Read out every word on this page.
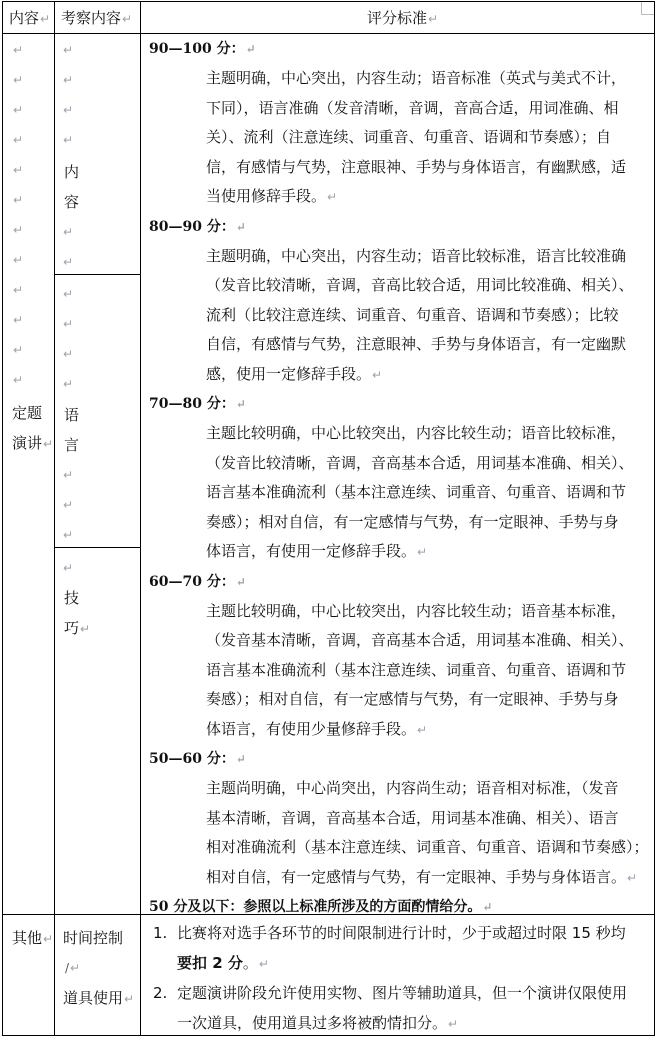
内容↵ 考察内容↵	评分标准↵
↵
↵
↵
↵
↵
↵
↵
↵
↵
↵
↵
↵
定题
演讲↵
↵
↵
↵
↵
内
容
↵
↵
↵
↵
↵
↵
语
言
↵
↵
↵
↵
技
巧↵
90—100 分：↵
主题明确，中心突出，内容生动；语音标准（英式与美式不计，
下同），语言准确（发音清晰，音调，音高合适，用词准确、相
关）、流利（注意连续、词重音、句重音、语调和节奏感）；自
信，有感情与气势，注意眼神、手势与身体语言，有幽默感，适
当使用修辞手段。↵
80—90 分：↵
主题明确，中心突出，内容生动；语音比较标准，语言比较准确
（发音比较清晰，音调，音高比较合适，用词比较准确、相关）、
流利（比较注意连续、词重音、句重音、语调和节奏感）；比较
自信，有感情与气势，注意眼神、手势与身体语言，有一定幽默
感，使用一定修辞手段。↵
70—80 分：↵
主题比较明确，中心比较突出，内容比较生动；语音比较标准，
（发音比较清晰，音调，音高基本合适，用词基本准确、相关）、
语言基本准确流利（基本注意连续、词重音、句重音、语调和节
奏感）；相对自信，有一定感情与气势，有一定眼神、手势与身
体语言，有使用一定修辞手段。↵
60—70 分：↵
主题比较明确，中心比较突出，内容比较生动；语音基本标准，
（发音基本清晰，音调，音高基本合适，用词基本准确、相关）、
语言基本准确流利（基本注意连续、词重音、句重音、语调和节
奏感）；相对自信，有一定感情与气势，有一定眼神、手势与身
体语言，有使用少量修辞手段。↵
50—60 分：↵
主题尚明确，中心尚突出，内容尚生动；语音相对标准，（发音
基本清晰，音调，音高基本合适，用词基本准确、相关）、语言
相对准确流利（基本注意连续、词重音、句重音、语调和节奏感）；
相对自信，有一定感情与气势，有一定眼神、手势与身体语言。↵
50 分及以下：参照以上标准所涉及的方面酌情给分。↵
其他↵ 时间控制
/↵
道具使用↵
1. 比赛将对选手各环节的时间限制进行计时，少于或超过时限 15 秒均
要扣 2 分。↵
2. 定题演讲阶段允许使用实物、图片等辅助道具，但一个演讲仅限使用
一次道具，使用道具过多将被酌情扣分。↵
